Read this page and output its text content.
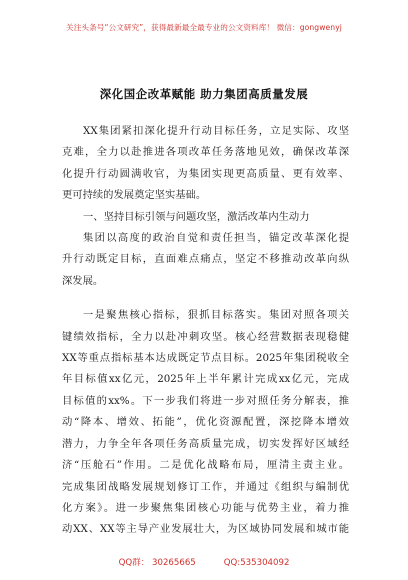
关注头条号“公文研究”，获得最新最全最专业的公文资料库！ 微信：gongwenyj
深化国企改革赋能 助力集团高质量发展
XX集团紧扣深化提升行动目标任务，立足实际、攻坚
克难，全力以赴推进各项改革任务落地见效，确保改革深
化提升行动圆满收官，为集团实现更高质量、更有效率、
更可持续的发展奠定坚实基础。
一、坚持目标引领与问题攻坚，激活改革内生动力
集团以高度的政治自觉和责任担当，锚定改革深化提
升行动既定目标，直面难点痛点，坚定不移推动改革向纵
深发展。
一是聚焦核心指标，狠抓目标落实。集团对照各项关
键绩效指标，全力以赴冲刺攻坚。核心经营数据表现稳健
XX等重点指标基本达成既定节点目标。2025年集团税收全
年目标值xx亿元，2025年上半年累计完成xx亿元，完成
目标值的xx%。下一步我们将进一步对照任务分解表，推
动“降本、增效、拓能”，优化资源配置，深挖降本增效
潜力，力争全年各项任务高质量完成，切实发挥好区域经
济“压舱石”作用。二是优化战略布局，厘清主责主业。
完成集团战略发展规划修订工作，并通过《组织与编制优
化方案》。进一步聚焦集团核心功能与优势主业，着力推
动XX、XX等主导产业发展壮大，为区域协同发展和城市能
QQ群： 30265665	QQ:535304092
